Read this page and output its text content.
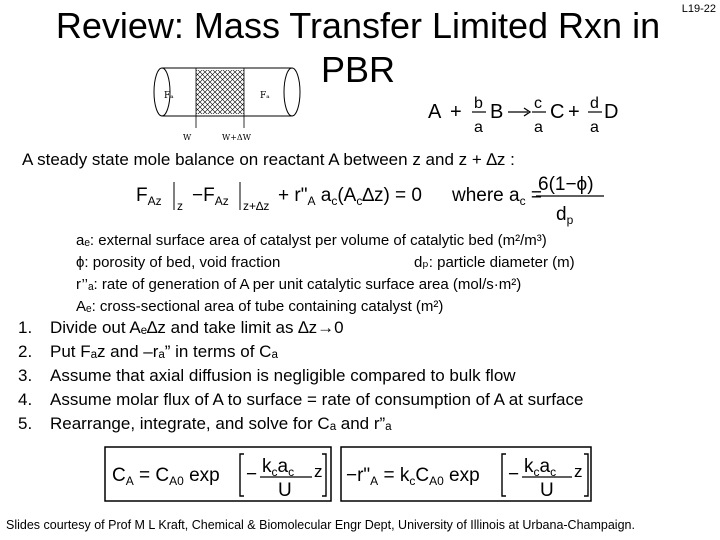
L19-22
Review: Mass Transfer Limited Rxn in PBR
Fₐ	Fₐ
W	W+ΔW
A + b
a
B c
a
C + d
a
D
A steady state mole balance on reactant A between z and z + ∆z :
$F_{Az}$ $z -F_{Az}$ $z+\Delta z + r"_A$ $a_c(A_c\Delta z) = 0$ where $a_c$ =
6(1−ϕ)
$d_p$
aₑ: external surface area of catalyst per volume of catalytic bed (m²/m³)
ϕ: porosity of bed, void fraction	dₚ: particle diameter (m)
r’’ₐ: rate of generation of A per unit catalytic surface area (mol/s·m²)
Aₑ: cross-sectional area of tube containing catalyst (m²)
1.	Divide out Aₑ∆z and take limit as ∆z→0
2.	Put Fₐz and –rₐ” in terms of Cₐ
3.	Assume that axial diffusion is negligible compared to bulk flow
4.	Assume molar flux of A to surface = rate of consumption of A at surface
5.	Rearrange, integrate, and solve for Cₐ and r”ₐ
$C_A = C_{A0}$ $\exp - k_ca_c$
U
$z -r"_A = k_cC_{A0}$ $\exp - k_ca_c$
U
z
Slides courtesy of Prof M L Kraft, Chemical & Biomolecular Engr Dept, University of Illinois at Urbana-Champaign.
